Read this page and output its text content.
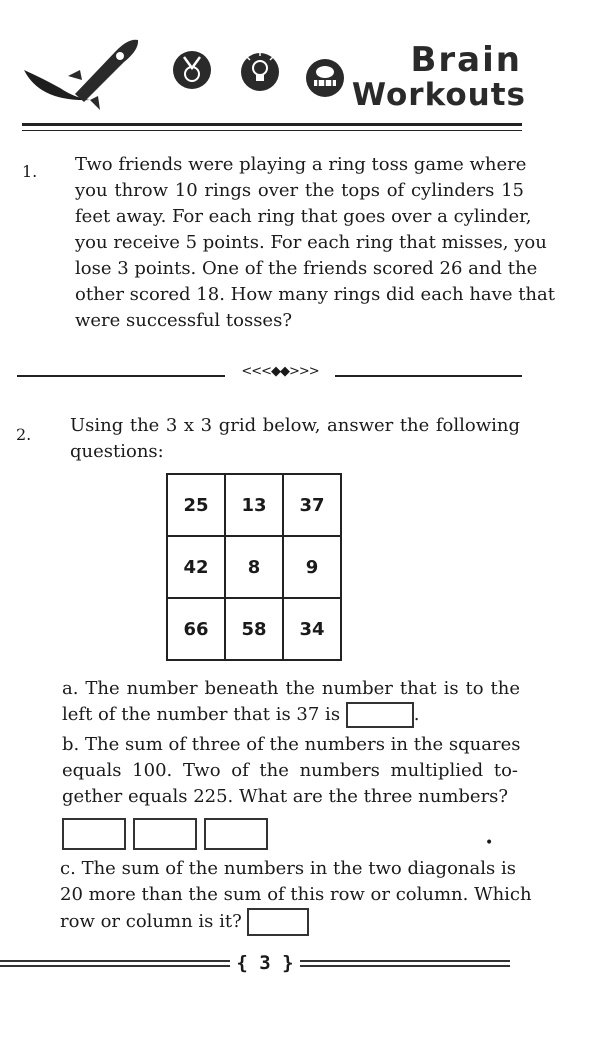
Brain
Workouts
1. Two friends were playing a ring toss game where
you throw 10 rings over the tops of cylinders 15
feet away. For each ring that goes over a cylinder,
you receive 5 points. For each ring that misses, you
lose 3 points. One of the friends scored 26 and the
other scored 18. How many rings did each have that
were successful tosses?
<<<◆◆>>>
2. Using the 3 x 3 grid below, answer the following
questions:
25	13	37
42	8	9
66	58	34
a. The number beneath the number that is to the
left of the number that is 37 is	.
b. The sum of three of the numbers in the squares
equals 100. Two of the numbers multiplied to-
gether equals 225. What are the three numbers?
•
c. The sum of the numbers in the two diagonals is
20 more than the sum of this row or column. Which
row or column is it?
{ 3 }
